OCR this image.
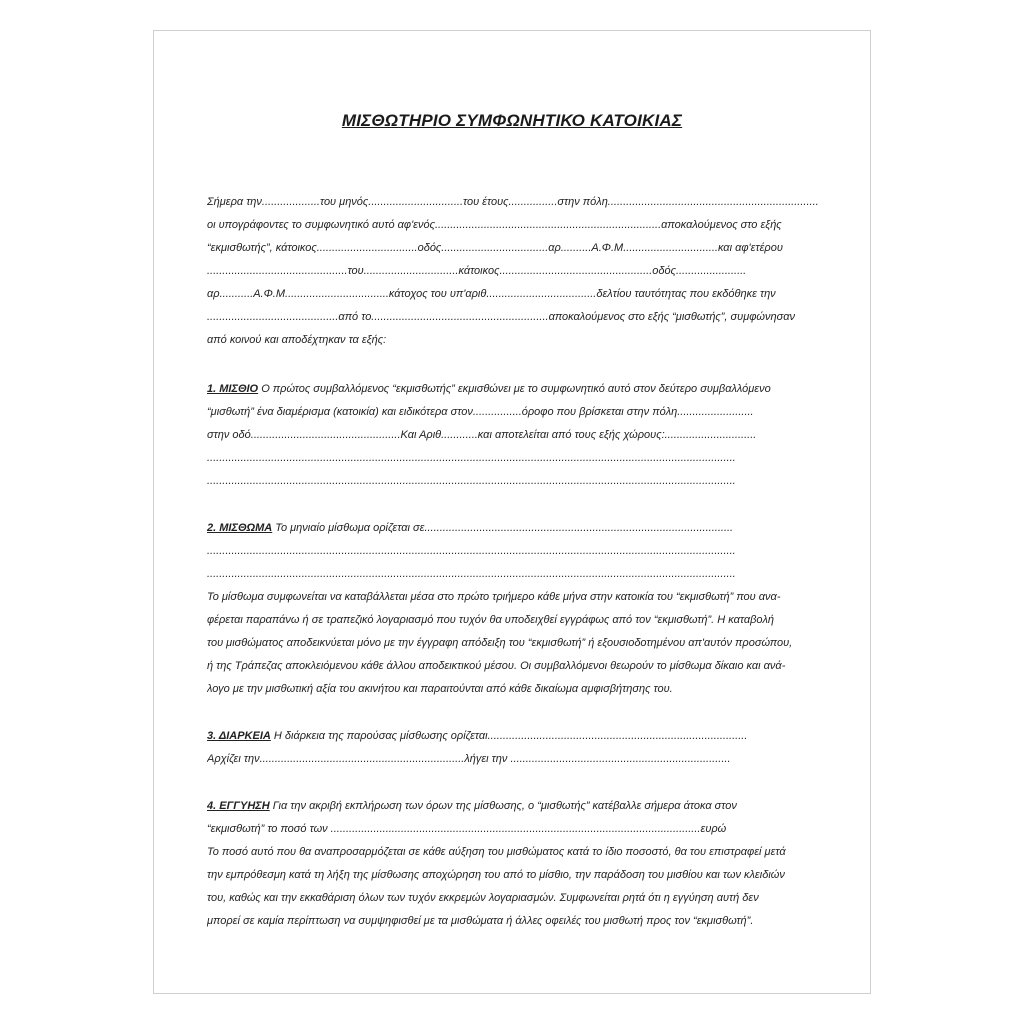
ΜΙΣΘΩΤΗΡΙΟ ΣΥΜΦΩΝΗΤΙΚΟ ΚΑΤΟΙΚΙΑΣ
Σήμερα την...................του μηνός...............................του έτους................στην πόλη.....................................................................
οι υπογράφοντες το συμφωνητικό αυτό αφ'ενός..........................................................................αποκαλούμενος στο εξής
“εκμισθωτής”, κάτοικος.................................οδός...................................αρ..........Α.Φ.Μ...............................και αφ'ετέρου
..............................................του...............................κάτοικος..................................................οδός.......................
αρ...........Α.Φ.Μ..................................κάτοχος του υπ'αριθ....................................δελτίου ταυτότητας που εκδόθηκε την
...........................................από το..........................................................αποκαλούμενος στο εξής “μισθωτής”, συμφώνησαν
από κοινού και αποδέχτηκαν τα εξής:
1. ΜΙΣΘΙΟ Ο πρώτος συμβαλλόμενος “εκμισθωτής” εκμισθώνει με το συμφωνητικό αυτό στον δεύτερο συμβαλλόμενο
“μισθωτή” ένα διαμέρισμα (κατοικία) και ειδικότερα στον................όροφο που βρίσκεται στην πόλη.........................
στην οδό.................................................Και Αριθ............και αποτελείται από τους εξής χώρους:..............................
.............................................................................................................................................................................
.............................................................................................................................................................................
2. ΜΙΣΘΩΜΑ Το μηνιαίο μίσθωμα ορίζεται σε.....................................................................................................
.............................................................................................................................................................................
.............................................................................................................................................................................
Το μίσθωμα συμφωνείται να καταβάλλεται μέσα στο πρώτο τριήμερο κάθε μήνα στην κατοικία του “εκμισθωτή” που ανα-
φέρεται παραπάνω ή σε τραπεζικό λογαριασμό που τυχόν θα υποδειχθεί εγγράφως από τον “εκμισθωτή”. Η καταβολή
του μισθώματος αποδεικνύεται μόνο με την έγγραφη απόδειξη του “εκμισθωτή” ή εξουσιοδοτημένου απ'αυτόν προσώπου,
ή της Τράπεζας αποκλειόμενου κάθε άλλου αποδεικτικού μέσου. Οι συμβαλλόμενοι θεωρούν το μίσθωμα δίκαιο και ανά-
λογο με την μισθωτική αξία του ακινήτου και παραιτούνται από κάθε δικαίωμα αμφισβήτησης του.
3. ΔΙΑΡΚΕΙΑ Η διάρκεια της παρούσας μίσθωσης ορίζεται.....................................................................................
Αρχίζει την...................................................................λήγει την ........................................................................
4. ΕΓΓΥΗΣΗ Για την ακριβή εκπλήρωση των όρων της μίσθωσης, ο “μισθωτής” κατέβαλλε σήμερα άτοκα στον
“εκμισθωτή” το ποσό των .........................................................................................................................ευρώ
Το ποσό αυτό που θα αναπροσαρμόζεται σε κάθε αύξηση του μισθώματος κατά το ίδιο ποσοστό, θα του επιστραφεί μετά
την εμπρόθεσμη κατά τη λήξη της μίσθωσης αποχώρηση του από το μίσθιο, την παράδοση του μισθίου και των κλειδιών
του, καθώς και την εκκαθάριση όλων των τυχόν εκκρεμών λογαριασμών. Συμφωνείται ρητά ότι η εγγύηση αυτή δεν
μπορεί σε καμία περίπτωση να συμψηφισθεί με τα μισθώματα ή άλλες οφειλές του μισθωτή προς τον “εκμισθωτή”.
